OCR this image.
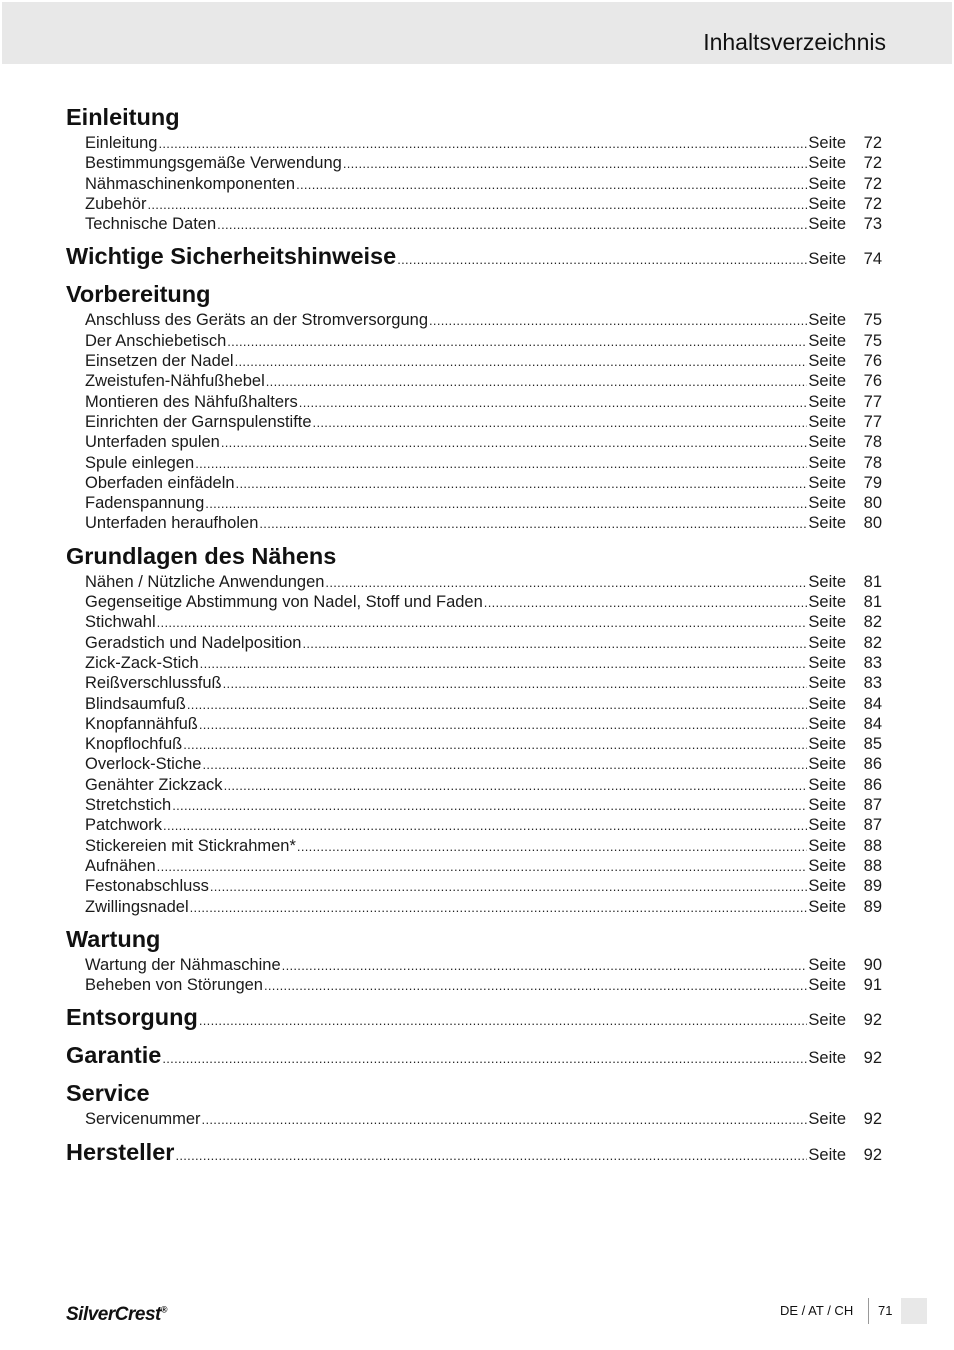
Inhaltsverzeichnis
Einleitung
Einleitung .....	Seite	72
Bestimmungsgemäße Verwendung .....	Seite	72
Nähmaschinenkomponenten .....	Seite	72
Zubehör .....	Seite	72
Technische Daten .....	Seite	73
Wichtige Sicherheitshinweise .....	Seite	74
Vorbereitung
Anschluss des Geräts an der Stromversorgung .....	Seite	75
Der Anschiebetisch .....	Seite	75
Einsetzen der Nadel .....	Seite	76
Zweistufen-Nähfußhebel .....	Seite	76
Montieren des Nähfußhalters .....	Seite	77
Einrichten der Garnspulenstifte .....	Seite	77
Unterfaden spulen .....	Seite	78
Spule einlegen .....	Seite	78
Oberfaden einfädeln .....	Seite	79
Fadenspannung .....	Seite	80
Unterfaden heraufholen .....	Seite	80
Grundlagen des Nähens
Nähen / Nützliche Anwendungen .....	Seite	81
Gegenseitige Abstimmung von Nadel, Stoff und Faden .....	Seite	81
Stichwahl .....	Seite	82
Geradstich und Nadelposition .....	Seite	82
Zick-Zack-Stich .....	Seite	83
Reißverschlussfuß .....	Seite	83
Blindsaumfuß .....	Seite	84
Knopfannähfuß .....	Seite	84
Knopflochfuß .....	Seite	85
Overlock-Stiche .....	Seite	86
Genähter Zickzack .....	Seite	86
Stretchstich .....	Seite	87
Patchwork .....	Seite	87
Stickereien mit Stickrahmen* .....	Seite	88
Aufnähen .....	Seite	88
Festonabschluss .....	Seite	89
Zwillingsnadel .....	Seite	89
Wartung
Wartung der Nähmaschine .....	Seite	90
Beheben von Störungen .....	Seite	91
Entsorgung .....	Seite	92
Garantie .....	Seite	92
Service
Servicenummer .....	Seite	92
Hersteller .....	Seite	92
SilverCrest®	DE / AT / CH 71
